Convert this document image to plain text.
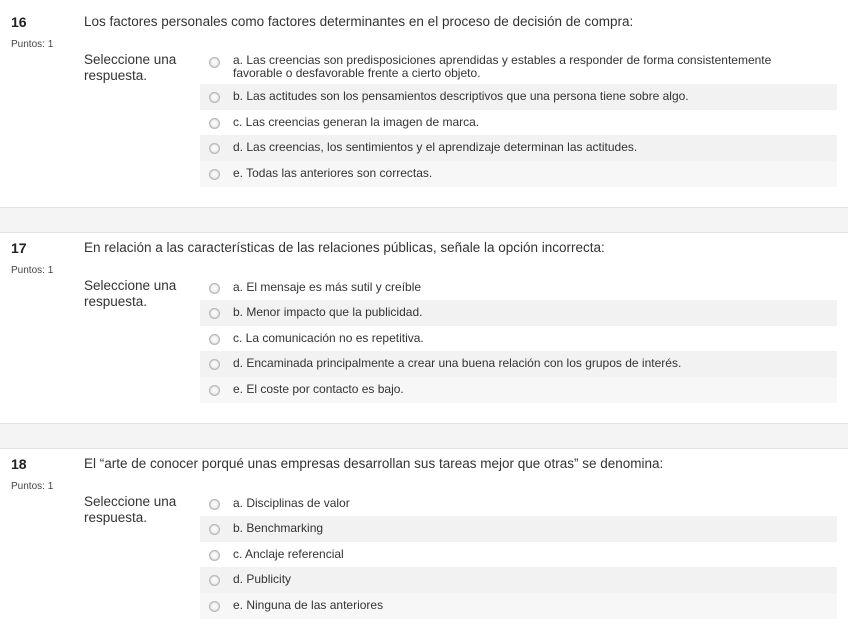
16
Puntos: 1
Los factores personales como factores determinantes en el proceso de decisión de compra:
Seleccione una respuesta.
a. Las creencias son predisposiciones aprendidas y estables a responder de forma consistentemente favorable o desfavorable frente a cierto objeto.
b. Las actitudes son los pensamientos descriptivos que una persona tiene sobre algo.
c. Las creencias generan la imagen de marca.
d. Las creencias, los sentimientos y el aprendizaje determinan las actitudes.
e. Todas las anteriores son correctas.
17
Puntos: 1
En relación a las características de las relaciones públicas, señale la opción incorrecta:
Seleccione una respuesta.
a. El mensaje es más sutil y creíble
b. Menor impacto que la publicidad.
c. La comunicación no es repetitiva.
d. Encaminada principalmente a crear una buena relación con los grupos de interés.
e. El coste por contacto es bajo.
18
Puntos: 1
El “arte de conocer porqué unas empresas desarrollan sus tareas mejor que otras” se denomina:
Seleccione una respuesta.
a. Disciplinas de valor
b. Benchmarking
c. Anclaje referencial
d. Publicity
e. Ninguna de las anteriores
